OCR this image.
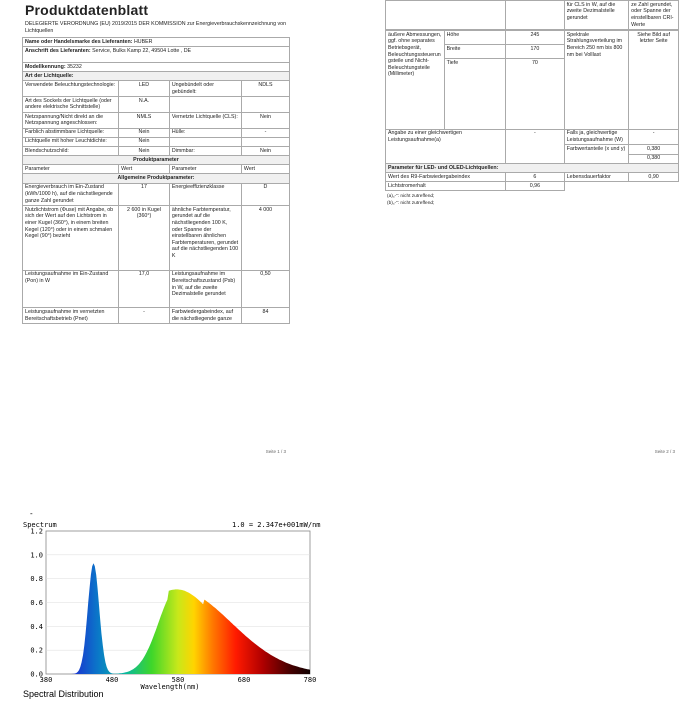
Produktdatenblatt
DELEGIERTE VERORDNUNG (EU) 2019/2015 DER KOMMISSION zur Energieverbrauchskennzeichnung von Lichtquellen
Name oder Handelsmarke des Lieferanten: HUBER			
Anschrift des Lieferanten: Service, Bulks Kamp 22, 49504 Lotte , DE			
Modellkennung: 35232			
Art der Lichtquelle:			
Verwendete Beleuchtungstechnologie:	LED	Ungebündelt oder gebündelt:	NDLS
Art des Sockels der Lichtquelle (oder andere elektrische Schnittstelle)	N.A.		
Netzspannung/Nicht direkt an die Netzspannung angeschlossen:	NMLS	Vernetzte Lichtquelle (CLS):	Nein
Farblich abstimmbare Lichtquelle:	Nein	Hülle:	-
Lichtquelle mit hoher Leuchtdichte:	Nein		
Blendschutzschild:	Nein	Dimmbar:	Nein
Produktparameter			
Parameter	Wert	Parameter	Wert
Allgemeine Produktparameter:			
Energieverbrauch im Ein-Zustand (kWh/1000 h), auf die nächstliegende ganze Zahl gerundet	17	Energieeffizienzklasse	D
Nutzlichtstrom (Φuse) mit Angabe, ob sich der Wert auf den Lichtstrom in einer Kugel (360°), in einem breiten Kegel (120°) oder in einem schmalen Kegel (90°) bezieht	2 600 in Kugel (360°)	ähnliche Farbtemperatur, gerundet auf die nächstliegenden 100 K, oder Spanne der einstellbaren ähnlichen Farbtemperaturen, gerundet auf die nächstliegenden 100 K	4 000
Leistungsaufnahme im Ein-Zustand (Pon) in W	17,0	Leistungsaufnahme im Bereitschaftszustand (Psb) in W, auf die zweite Dezimalstelle gerundet	0,50
Leistungsaufnahme im vernetzten Bereitschaftsbetrieb (Pnet)	-	Farbwiedergabeindex, auf die nächstliegende ganze	84
Seite 1 / 3
		für CLS in W, auf die zweite Dezimalstelle gerundet	ze Zahl gerundet, oder Spanne der einstellbaren CRI-Werte
äußere Abmessungen, ggf. ohne separates Betriebsgerät, Beleuchtungssteuerungsteile und Nicht-Beleuchtungsteile (Millimeter)	Höhe	245	Spektrale Strahlungsverteilung im Bereich 250 nm bis 800 nm bei Volllast	Siehe Bild auf letzter Seite
	Breite	170		
	Tiefe	70		
Angabe zu einer gleichwertigen Leistungsaufnahme(a)		-	Falls ja, gleichwertige Leistungsaufnahme (W)	-
			Farbwertanteile (x und y)	0,380
				0,380
Parameter für LED- und OLED-Lichtquellen:				
Wert des R9-Farbwiedergabeindex		6	Lebensdauerfaktor	0,90
Lichtstromerhalt		0,96		
(a)„-“: nicht zutreffend;
(b)„-“: nicht zutreffend;
Seite 2 / 3
-
Spectrum	1.0 = 2.347e+001mW/nm
0.0
0.2
0.4
0.6
0.8
1.0
1.2
380	480	580	680	780
Wavelength(nm)
Spectral Distribution
